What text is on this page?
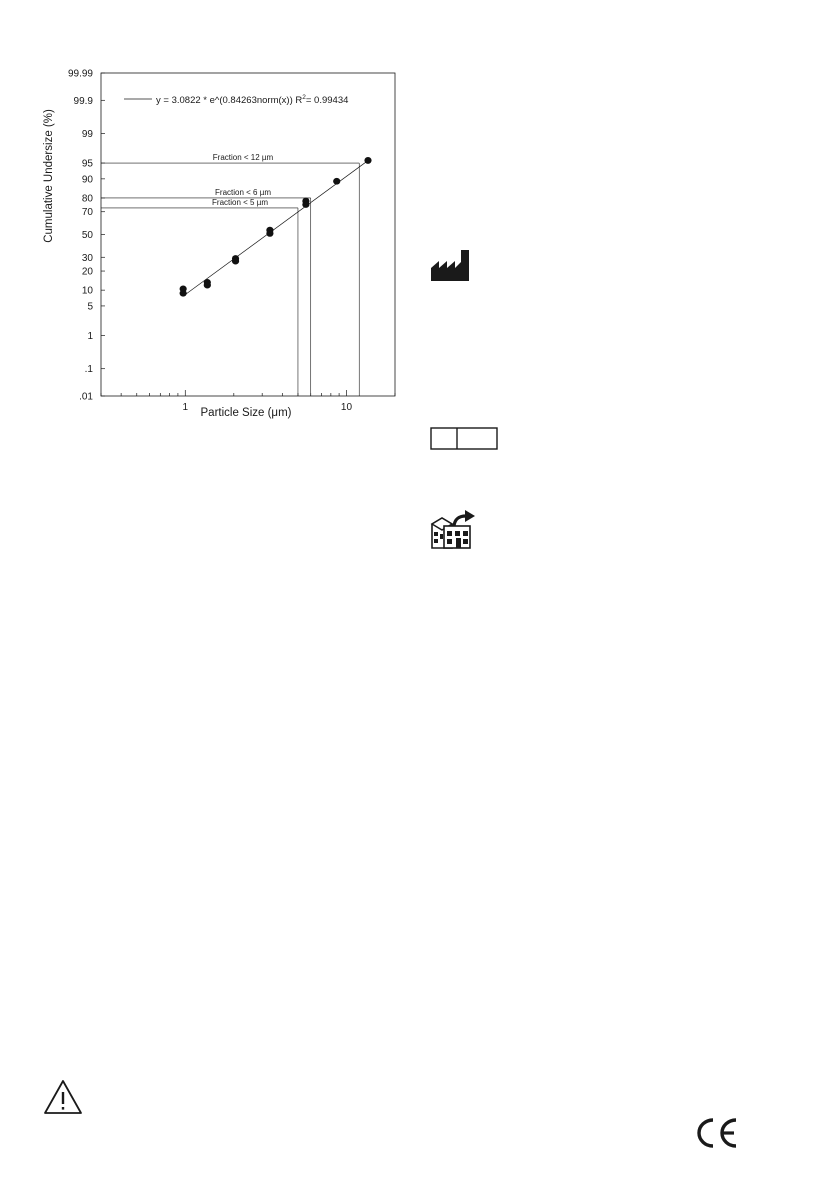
99.99
99.9
99
95
90
80
70
50
30
20
10
5
1
.1
.01
1	10
Fraction < 12 µm
Fraction < 6 µm
Fraction < 5 µm
y = 3.0822 * e^(0.84263norm(x)) $R^2= 0.99434$
Cumulative Undersize (%)
Particle Size (μm)
